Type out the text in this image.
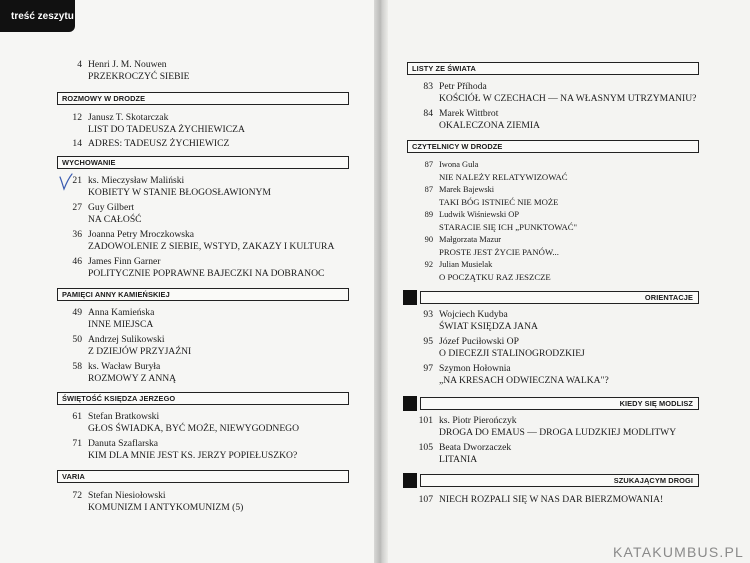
treść zeszytu
4 Henri J. M. Nouwen
PRZEKROCZYĆ SIEBIE
ROZMOWY W DRODZE
12 Janusz T. Skotarczak
LIST DO TADEUSZA ŻYCHIEWICZA
14 ADRES: TADEUSZ ŻYCHIEWICZ
WYCHOWANIE
21 ks. Mieczysław Maliński
KOBIETY W STANIE BŁOGOSŁAWIONYM
27 Guy Gilbert
NA CAŁOŚĆ
36 Joanna Petry Mroczkowska
ZADOWOLENIE Z SIEBIE, WSTYD, ZAKAZY I KULTURA
46 James Finn Garner
POLITYCZNIE POPRAWNE BAJECZKI NA DOBRANOC
PAMIĘCI ANNY KAMIEŃSKIEJ
49 Anna Kamieńska
INNE MIEJSCA
50 Andrzej Sulikowski
Z DZIEJÓW PRZYJAŹNI
58 ks. Wacław Buryła
ROZMOWY Z ANNĄ
ŚWIĘTOŚĆ KSIĘDZA JERZEGO
61 Stefan Bratkowski
GŁOS ŚWIADKA, BYĆ MOŻE, NIEWYGODNEGO
71 Danuta Szaflarska
KIM DLA MNIE JEST KS. JERZY POPIEŁUSZKO?
VARIA
72 Stefan Niesiołowski
KOMUNIZM I ANTYKOMUNIZM (5)
LISTY ZE ŚWIATA
83 Petr Příhoda
KOŚCIÓŁ W CZECHACH — NA WŁASNYM UTRZYMANIU?
84 Marek Wittbrot
OKALECZONA ZIEMIA
CZYTELNICY W DRODZE
87 Iwona Gula
NIE NALEŻY RELATYWIZOWAĆ
87 Marek Bajewski
TAKI BÓG ISTNIEĆ NIE MOŻE
89 Ludwik Wiśniewski OP
STARACIE SIĘ ICH „PUNKTOWAĆ"
90 Małgorzata Mazur
PROSTE JEST ŻYCIE PANÓW...
92 Julian Musielak
O POCZĄTKU RAZ JESZCZE
ORIENTACJE
93 Wojciech Kudyba
ŚWIAT KSIĘDZA JANA
95 Józef Puciłowski OP
O DIECEZJI STALINOGRODZKIEJ
97 Szymon Hołownia
„NA KRESACH ODWIECZNA WALKA"?
KIEDY SIĘ MODLISZ
101 ks. Piotr Pierończyk
DROGA DO EMAUS — DROGA LUDZKIEJ MODLITWY
105 Beata Dworzaczek
LITANIA
SZUKAJĄCYM DROGI
107 NIECH ROZPALI SIĘ W NAS DAR BIERZMOWANIA!
KATAKUMBUS.PL
